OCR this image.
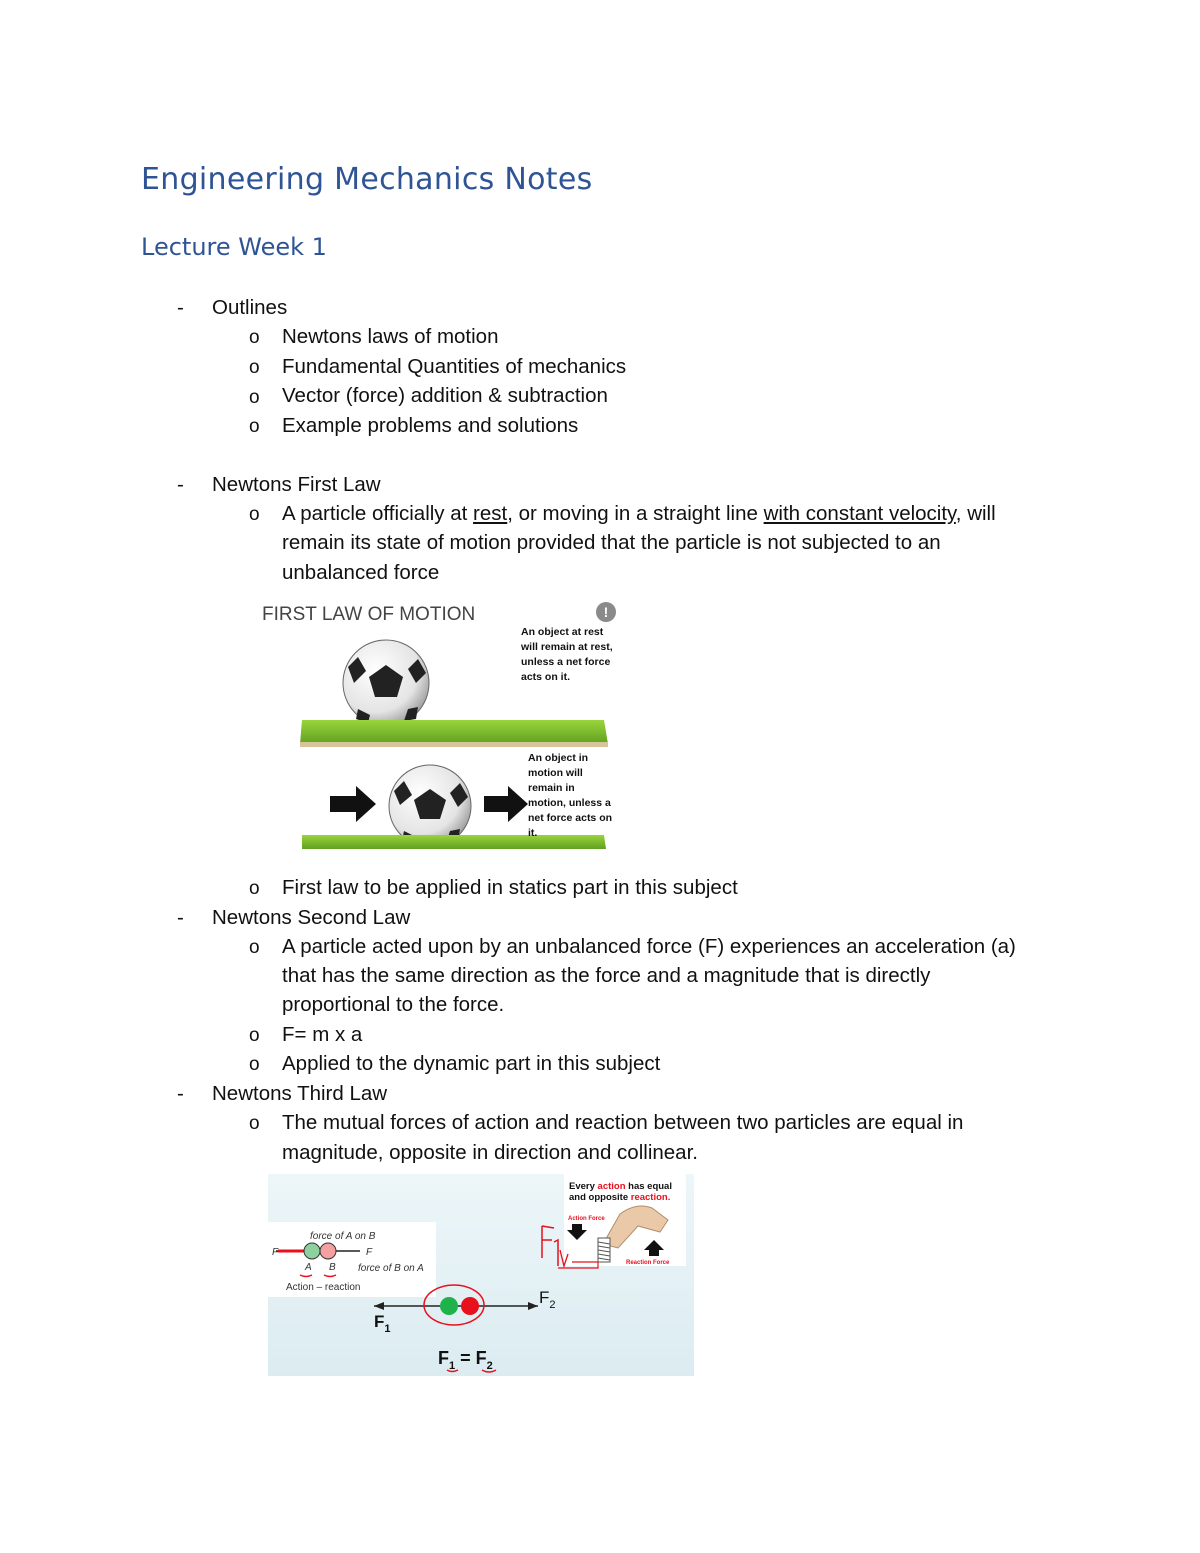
Engineering Mechanics Notes
Lecture Week 1
- Outlines
o Newtons laws of motion
o Fundamental Quantities of mechanics
o Vector (force) addition & subtraction
o Example problems and solutions
- Newtons First Law
o A particle officially at rest, or moving in a straight line with constant velocity, will
remain its state of motion provided that the particle is not subjected to an
unbalanced force
FIRST LAW OF MOTION	!
An object at rest
will remain at rest,
unless a net force
acts on it.
An object in
motion will
remain in
motion, unless a
net force acts on
it.
o First law to be applied in statics part in this subject
- Newtons Second Law
o A particle acted upon by an unbalanced force (F) experiences an acceleration (a)
that has the same direction as the force and a magnitude that is directly
proportional to the force.
o F= m x a
o Applied to the dynamic part in this subject
- Newtons Third Law
o The mutual forces of action and reaction between two particles are equal in
magnitude, opposite in direction and collinear.
force of A on B
F	F
A B force of B on A
Action – reaction
Every action has equal
and opposite reaction.
Action Force
Reaction Force
$F_2$
$F_1$
$F_1 = F_2$
